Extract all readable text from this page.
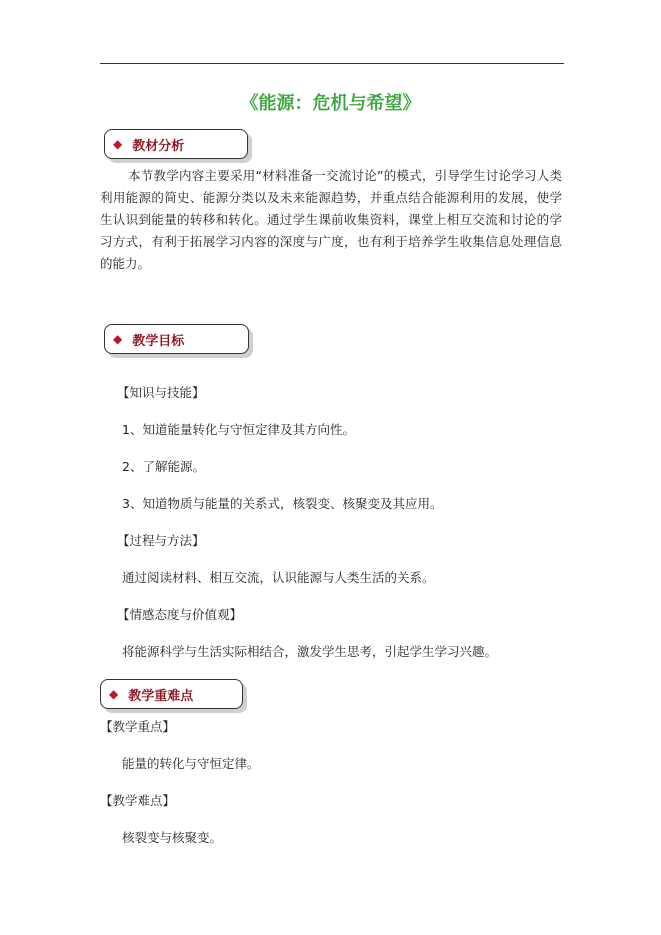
《能源：危机与希望》
◆ 教材分析
本节教学内容主要采用“材料准备一交流讨论”的模式，引导学生讨论学习人类利用能源的简史、能源分类以及未来能源趋势，并重点结合能源利用的发展，使学生认识到能量的转移和转化。通过学生课前收集资料，课堂上相互交流和讨论的学习方式，有利于拓展学习内容的深度与广度，也有利于培养学生收集信息处理信息的能力。
◆ 教学目标
【知识与技能】
1、知道能量转化与守恒定律及其方向性。
2、了解能源。
3、知道物质与能量的关系式，核裂变、核聚变及其应用。
【过程与方法】
通过阅读材料、相互交流，认识能源与人类生活的关系。
【情感态度与价值观】
将能源科学与生活实际相结合，激发学生思考，引起学生学习兴趣。
◆ 教学重难点
【教学重点】
能量的转化与守恒定律。
【教学难点】
核裂变与核聚变。
